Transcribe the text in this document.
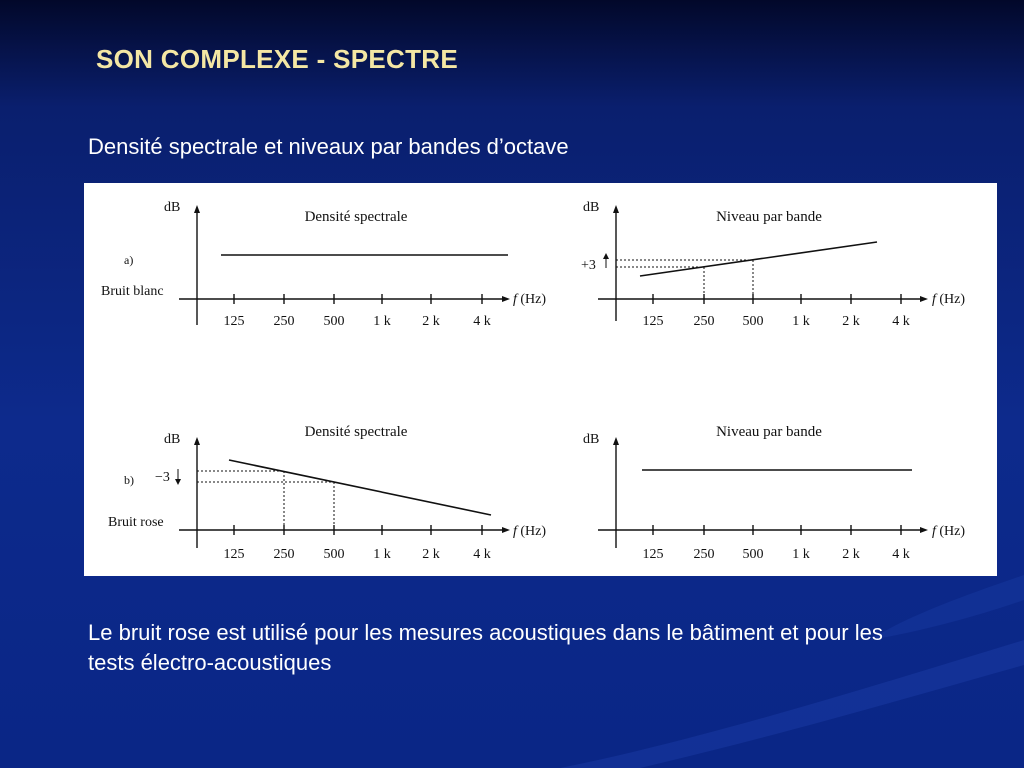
SON COMPLEXE - SPECTRE

Densité spectrale et niveaux par bandes d’octave

a)
Bruit blanc
Densité spectrale
dB
125 250 500 1 k 2 k 4 k
f (Hz)
Niveau par bande
dB
125 250 500 1 k 2 k 4 k
f (Hz)
+3
b)
Bruit rose
Densité spectrale
dB
125 250 500 1 k 2 k 4 k
f (Hz)
−3
Niveau par bande
dB
125 250 500 1 k 2 k 4 k
f (Hz)

Le bruit rose est utilisé pour les mesures acoustiques dans le bâtiment et pour les tests électro-acoustiques
